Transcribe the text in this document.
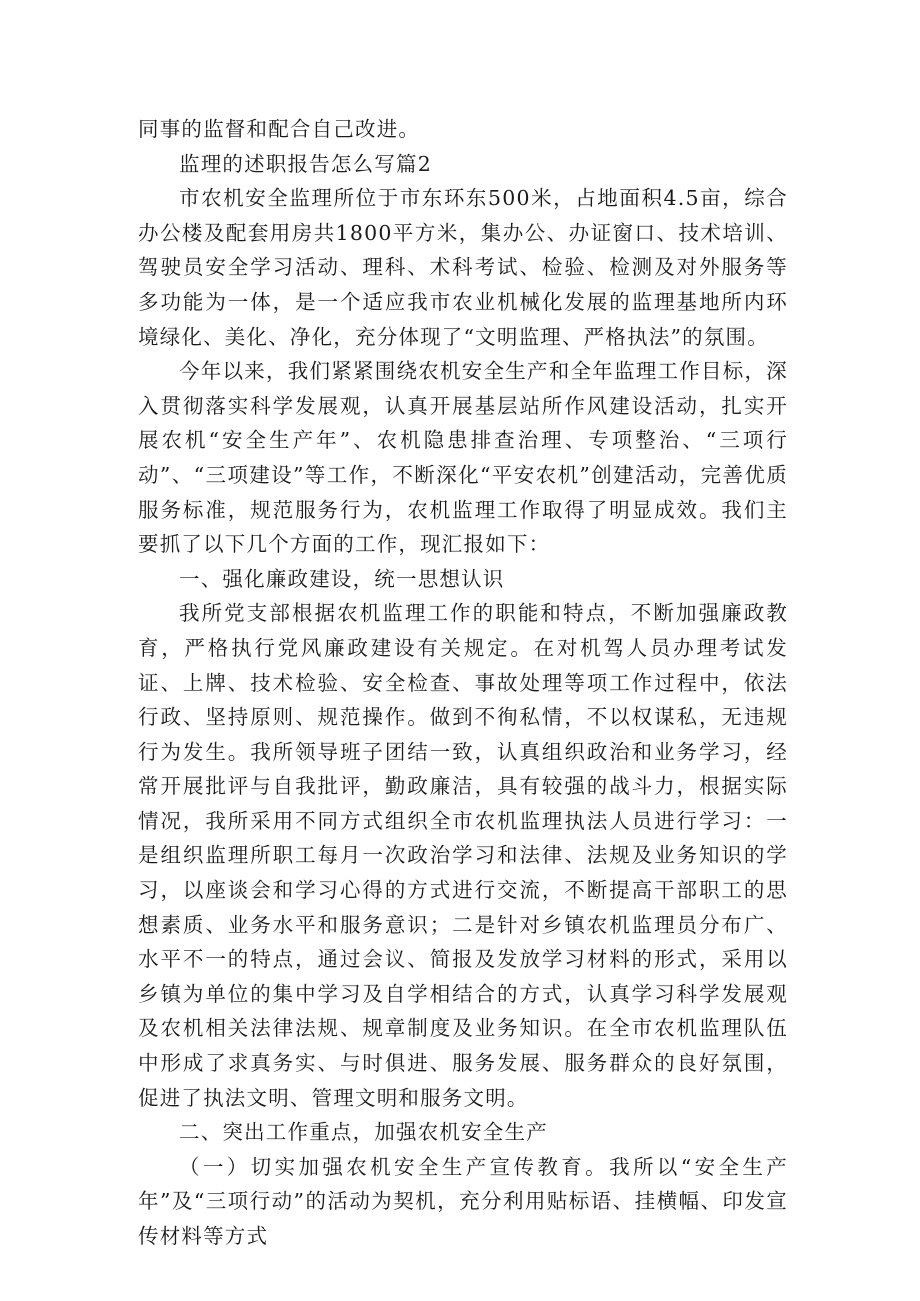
同事的监督和配合自己改进。

监理的述职报告怎么写篇2

市农机安全监理所位于市东环东500米，占地面积4.5亩，综合办公楼及配套用房共1800平方米，集办公、办证窗口、技术培训、驾驶员安全学习活动、理科、术科考试、检验、检测及对外服务等多功能为一体，是一个适应我市农业机械化发展的监理基地所内环境绿化、美化、净化，充分体现了“文明监理、严格执法”的氛围。

今年以来，我们紧紧围绕农机安全生产和全年监理工作目标，深入贯彻落实科学发展观，认真开展基层站所作风建设活动，扎实开展农机“安全生产年”、农机隐患排查治理、专项整治、“三项行动”、“三项建设”等工作，不断深化“平安农机”创建活动，完善优质服务标准，规范服务行为，农机监理工作取得了明显成效。我们主要抓了以下几个方面的工作，现汇报如下：

一、强化廉政建设，统一思想认识

我所党支部根据农机监理工作的职能和特点，不断加强廉政教育，严格执行党风廉政建设有关规定。在对机驾人员办理考试发证、上牌、技术检验、安全检查、事故处理等项工作过程中，依法行政、坚持原则、规范操作。做到不徇私情，不以权谋私，无违规行为发生。我所领导班子团结一致，认真组织政治和业务学习，经常开展批评与自我批评，勤政廉洁，具有较强的战斗力，根据实际情况，我所采用不同方式组织全市农机监理执法人员进行学习：一是组织监理所职工每月一次政治学习和法律、法规及业务知识的学习，以座谈会和学习心得的方式进行交流，不断提高干部职工的思想素质、业务水平和服务意识；二是针对乡镇农机监理员分布广、水平不一的特点，通过会议、简报及发放学习材料的形式，采用以乡镇为单位的集中学习及自学相结合的方式，认真学习科学发展观及农机相关法律法规、规章制度及业务知识。在全市农机监理队伍中形成了求真务实、与时俱进、服务发展、服务群众的良好氛围，促进了执法文明、管理文明和服务文明。

二、突出工作重点，加强农机安全生产

（一）切实加强农机安全生产宣传教育。我所以“安全生产年”及“三项行动”的活动为契机，充分利用贴标语、挂横幅、印发宣传材料等方式
